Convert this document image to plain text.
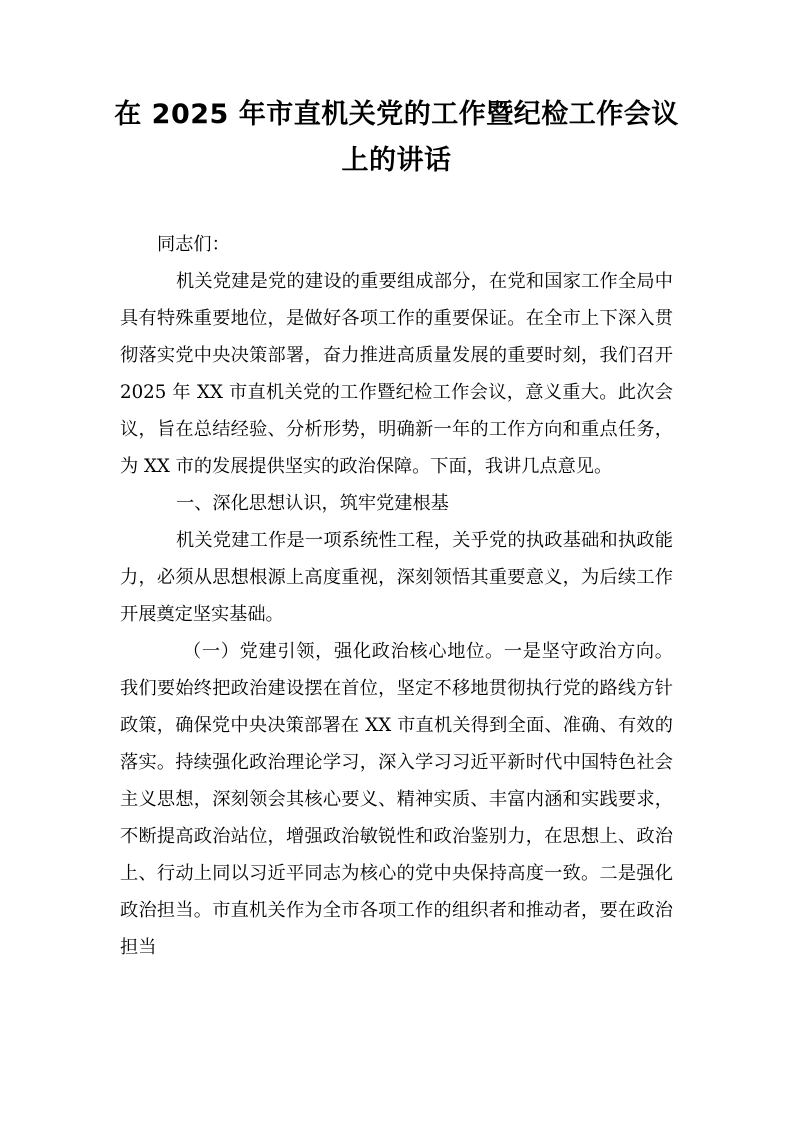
在 2025 年市直机关党的工作暨纪检工作会议上的讲话

同志们：

机关党建是党的建设的重要组成部分，在党和国家工作全局中具有特殊重要地位，是做好各项工作的重要保证。在全市上下深入贯彻落实党中央决策部署，奋力推进高质量发展的重要时刻，我们召开 2025 年 XX 市直机关党的工作暨纪检工作会议，意义重大。此次会议，旨在总结经验、分析形势，明确新一年的工作方向和重点任务，为 XX 市的发展提供坚实的政治保障。下面，我讲几点意见。

一、深化思想认识，筑牢党建根基

机关党建工作是一项系统性工程，关乎党的执政基础和执政能力，必须从思想根源上高度重视，深刻领悟其重要意义，为后续工作开展奠定坚实基础。

（一）党建引领，强化政治核心地位。一是坚守政治方向。我们要始终把政治建设摆在首位，坚定不移地贯彻执行党的路线方针政策，确保党中央决策部署在 XX 市直机关得到全面、准确、有效的落实。持续强化政治理论学习，深入学习习近平新时代中国特色社会主义思想，深刻领会其核心要义、精神实质、丰富内涵和实践要求，不断提高政治站位，增强政治敏锐性和政治鉴别力，在思想上、政治上、行动上同以习近平同志为核心的党中央保持高度一致。二是强化政治担当。市直机关作为全市各项工作的组织者和推动者，要在政治担当
